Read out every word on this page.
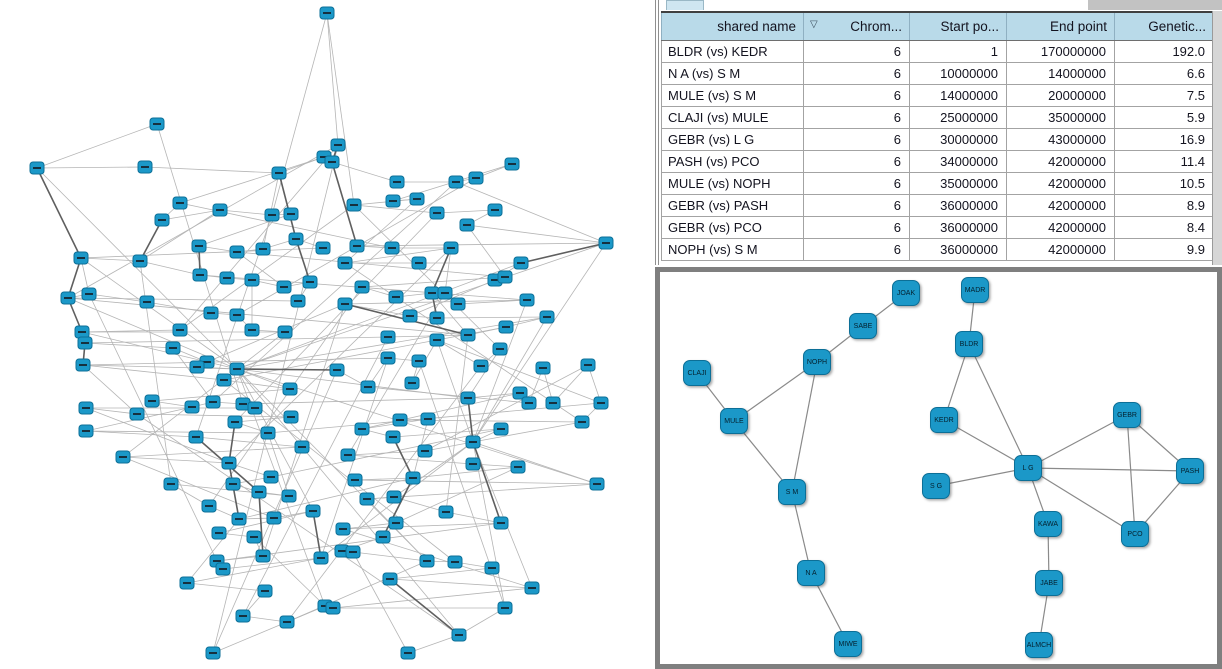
shared name	▽ Chrom...	Start po...	End point	Genetic...
BLDR (vs) KEDR	6	1	170000000	192.0
N A (vs) S M	6	10000000	14000000	6.6
MULE (vs) S M	6	14000000	20000000	7.5
CLAJI (vs) MULE	6	25000000	35000000	5.9
GEBR (vs) L G	6	30000000	43000000	16.9
PASH (vs) PCO	6	34000000	42000000	11.4
MULE (vs) NOPH	6	35000000	42000000	10.5
GEBR (vs) PASH	6	36000000	42000000	8.9
GEBR (vs) PCO	6	36000000	42000000	8.4
NOPH (vs) S M	6	36000000	42000000	9.9
JOAK
SABE
NOPH
CLAJI
MULE
S M
N A
MIWE
MADR
BLDR
KEDR
S G
L G
GEBR
PASH
PCO
KAWA
JABE
ALMCH
